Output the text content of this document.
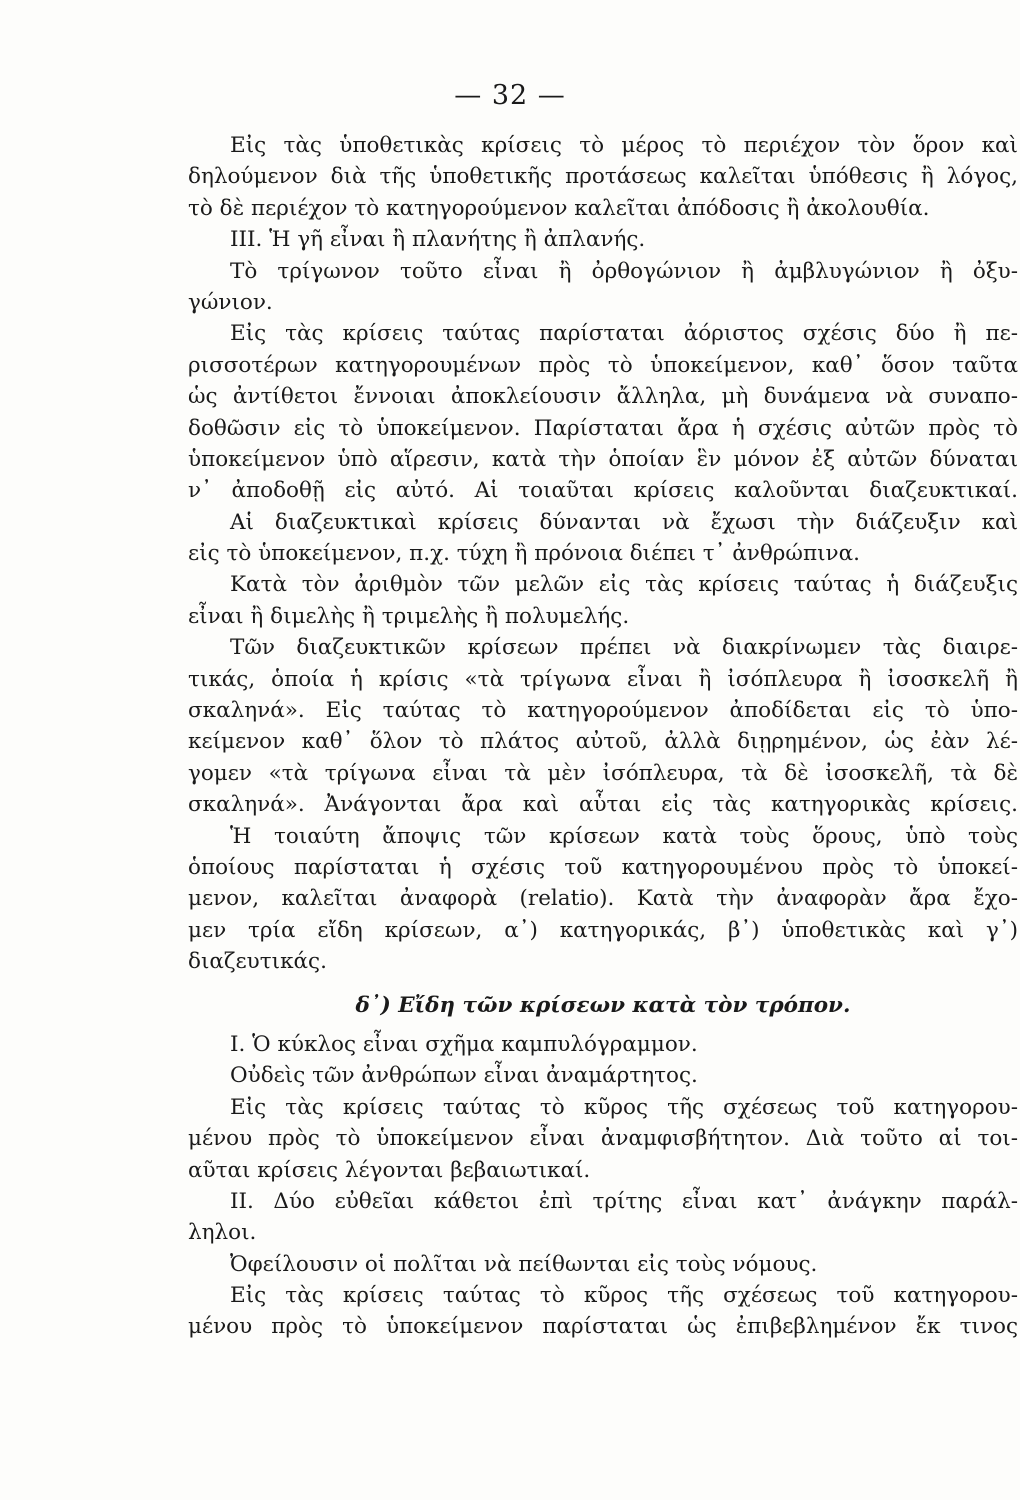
— 32 —
Εἰς τὰς ὑποθετικὰς κρίσεις τὸ μέρος τὸ περιέχον τὸν ὅρον καὶ
δηλούμενον διὰ τῆς ὑποθετικῆς προτάσεως καλεῖται ὑπόθεσις ἢ λόγος,
τὸ δὲ περιέχον τὸ κατηγορούμενον καλεῖται ἀπόδοσις ἢ ἀκολουθία.
III. Ἡ γῆ εἶναι ἢ πλανήτης ἢ ἀπλανής.
Τὸ τρίγωνον τοῦτο εἶναι ἢ ὀρθογώνιον ἢ ἀμβλυγώνιον ἢ ὀξυ-
γώνιον.
Εἰς τὰς κρίσεις ταύτας παρίσταται ἀόριστος σχέσις δύο ἢ πε-
ρισσοτέρων κατηγορουμένων πρὸς τὸ ὑποκείμενον, καθ᾽ ὅσον ταῦτα
ὡς ἀντίθετοι ἔννοιαι ἀποκλείουσιν ἄλληλα, μὴ δυνάμενα νὰ συναπο-
δοθῶσιν εἰς τὸ ὑποκείμενον. Παρίσταται ἄρα ἡ σχέσις αὐτῶν πρὸς τὸ
ὑποκείμενον ὑπὸ αἵρεσιν, κατὰ τὴν ὁποίαν ἓν μόνον ἐξ αὐτῶν δύναται
ν᾽ ἀποδοθῇ εἰς αὐτό. Αἱ τοιαῦται κρίσεις καλοῦνται διαζευκτικαί.
Αἱ διαζευκτικαὶ κρίσεις δύνανται νὰ ἔχωσι τὴν διάζευξιν καὶ
εἰς τὸ ὑποκείμενον, π.χ. τύχη ἢ πρόνοια διέπει τ᾽ ἀνθρώπινα.
Κατὰ τὸν ἀριθμὸν τῶν μελῶν εἰς τὰς κρίσεις ταύτας ἡ διάζευξις
εἶναι ἢ διμελὴς ἢ τριμελὴς ἢ πολυμελής.
Τῶν διαζευκτικῶν κρίσεων πρέπει νὰ διακρίνωμεν τὰς διαιρε-
τικάς, ὁποία ἡ κρίσις «τὰ τρίγωνα εἶναι ἢ ἰσόπλευρα ἢ ἰσοσκελῆ ἢ
σκαληνά». Εἰς ταύτας τὸ κατηγορούμενον ἀποδίδεται εἰς τὸ ὑπο-
κείμενον καθ᾽ ὅλον τὸ πλάτος αὐτοῦ, ἀλλὰ διῃρημένον, ὡς ἐὰν λέ-
γομεν «τὰ τρίγωνα εἶναι τὰ μὲν ἰσόπλευρα, τὰ δὲ ἰσοσκελῆ, τὰ δὲ
σκαληνά». Ἀνάγονται ἄρα καὶ αὗται εἰς τὰς κατηγορικὰς κρίσεις.
Ἡ τοιαύτη ἄποψις τῶν κρίσεων κατὰ τοὺς ὅρους, ὑπὸ τοὺς
ὁποίους παρίσταται ἡ σχέσις τοῦ κατηγορουμένου πρὸς τὸ ὑποκεί-
μενον, καλεῖται ἀναφορὰ (relatio). Κατὰ τὴν ἀναφορὰν ἄρα ἔχο-
μεν τρία εἴδη κρίσεων, α᾽) κατηγορικάς, β᾽) ὑποθετικὰς καὶ γ᾽)
διαζευτικάς.
δ᾽) Εἴδη τῶν κρίσεων κατὰ τὸν τρόπον.
I. Ὁ κύκλος εἶναι σχῆμα καμπυλόγραμμον.
Οὐδεὶς τῶν ἀνθρώπων εἶναι ἀναμάρτητος.
Εἰς τὰς κρίσεις ταύτας τὸ κῦρος τῆς σχέσεως τοῦ κατηγορου-
μένου πρὸς τὸ ὑποκείμενον εἶναι ἀναμφισβήτητον. Διὰ τοῦτο αἱ τοι-
αῦται κρίσεις λέγονται βεβαιωτικαί.
II. Δύο εὐθεῖαι κάθετοι ἐπὶ τρίτης εἶναι κατ᾽ ἀνάγκην παράλ-
ληλοι.
Ὀφείλουσιν οἱ πολῖται νὰ πείθωνται εἰς τοὺς νόμους.
Εἰς τὰς κρίσεις ταύτας τὸ κῦρος τῆς σχέσεως τοῦ κατηγορου-
μένου πρὸς τὸ ὑποκείμενον παρίσταται ὡς ἐπιβεβλημένον ἔκ τινος
